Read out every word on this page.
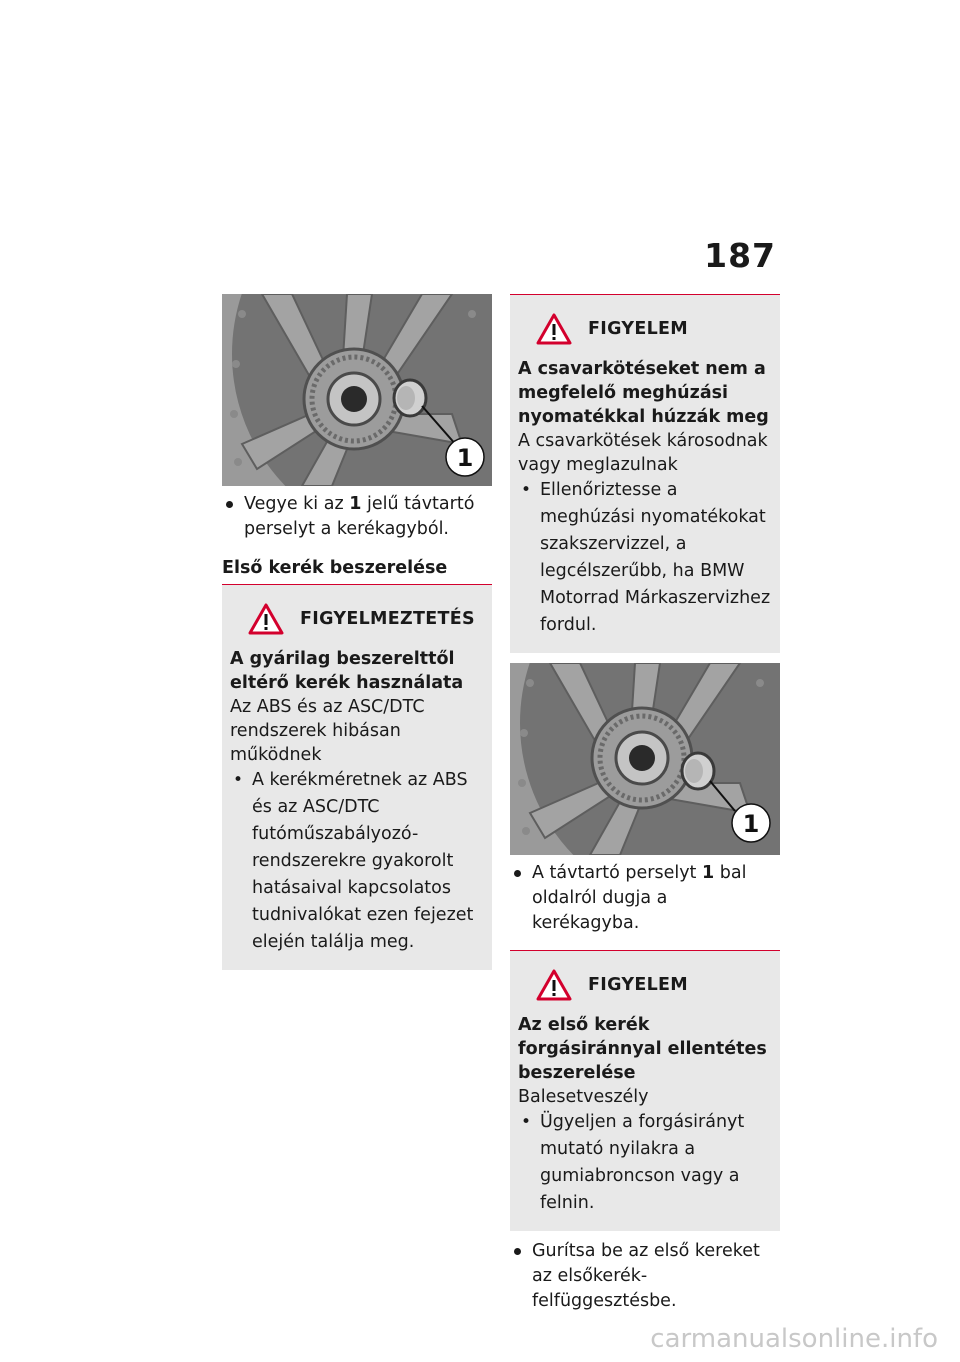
187
1
Vegye ki az 1 jelű távtartó perselyt a kerékagyból.
Első kerék beszerelése
FIGYELMEZTETÉS
A gyárilag beszerelttől eltérő kerék használata
Az ABS és az ASC/DTC rendszerek hibásan működnek
• A kerékméretnek az ABS és az ASC/DTC futóműszabályozó-rendszerekre gyakorolt hatásaival kapcsolatos tudnivalókat ezen fejezet elején találja meg.
FIGYELEM
A csavarkötéseket nem a megfelelő meghúzási nyomatékkal húzzák meg
A csavarkötések károsodnak vagy meglazulnak
• Ellenőriztesse a meghúzási nyomatékokat szakszervizzel, a legcélszerűbb, ha BMW Motorrad Márkaszervizhez fordul.
1
A távtartó perselyt 1 bal oldalról dugja a kerékagyba.
FIGYELEM
Az első kerék forgásiránnyal ellentétes beszerelése
Balesetveszély
• Ügyeljen a forgásirányt mutató nyilakra a gumiabroncson vagy a felnin.
Gurítsa be az első kereket az elsőkerék-felfüggesztésbe.
carmanualsonline.info
